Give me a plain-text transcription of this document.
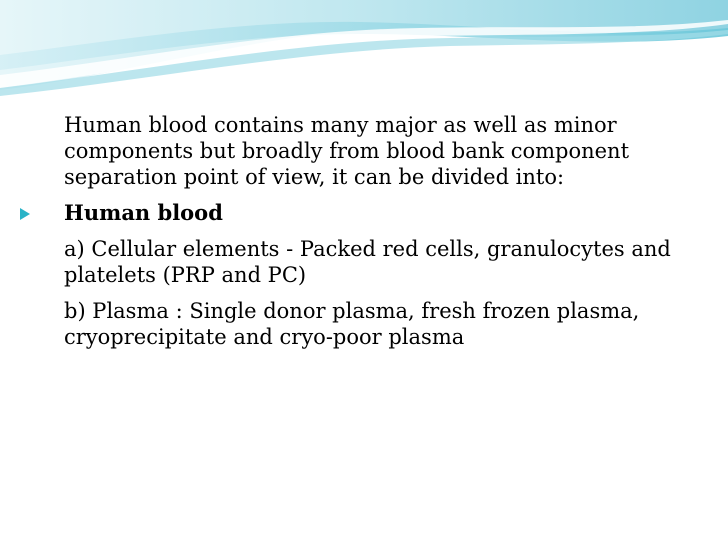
Human blood contains many major as well as minor components but broadly from blood bank component separation point of view, it can be divided into:

Human blood

a) Cellular elements - Packed red cells, granulocytes and platelets (PRP and PC)

b) Plasma : Single donor plasma, fresh frozen plasma, cryoprecipitate and cryo-poor plasma
